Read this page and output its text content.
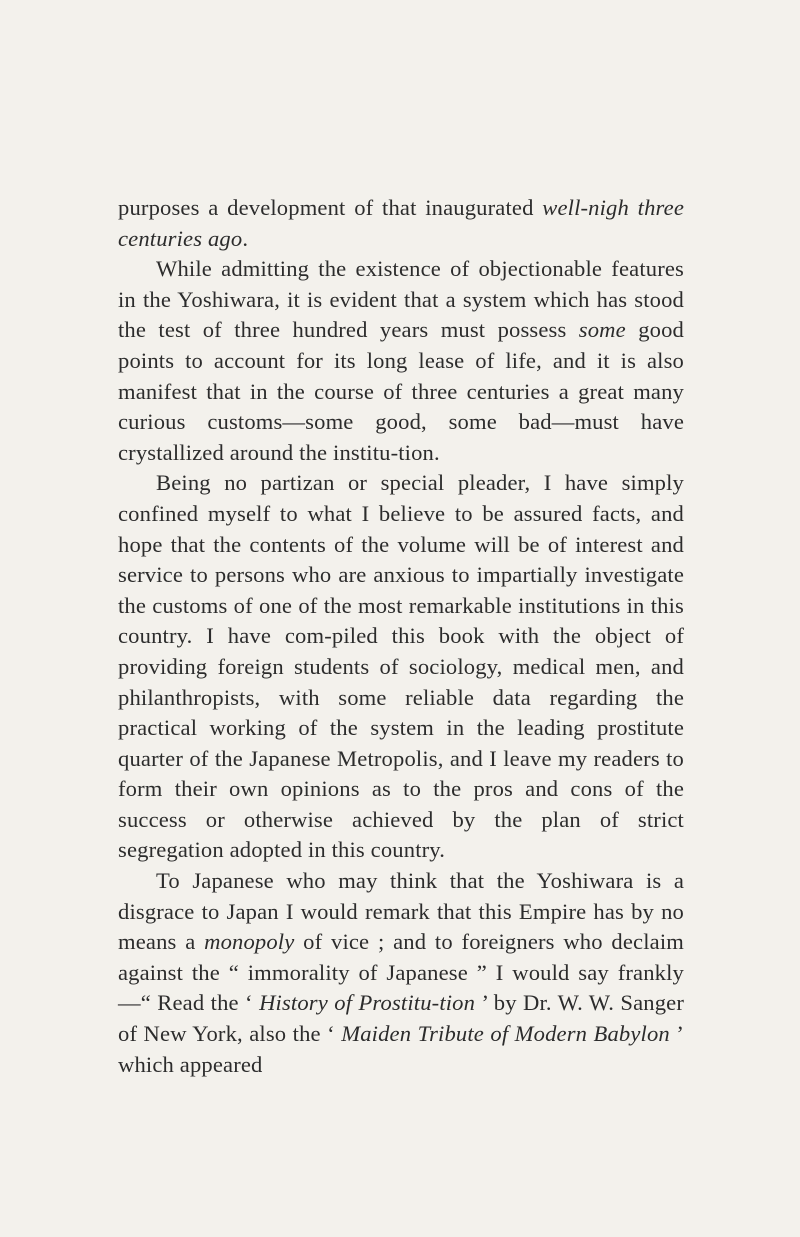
purposes a development of that inaugurated well-nigh three centuries ago.

While admitting the existence of objectionable features in the Yoshiwara, it is evident that a system which has stood the test of three hundred years must possess some good points to account for its long lease of life, and it is also manifest that in the course of three centuries a great many curious customs—some good, some bad—must have crystallized around the institu-tion.

Being no partizan or special pleader, I have simply confined myself to what I believe to be assured facts, and hope that the contents of the volume will be of interest and service to persons who are anxious to impartially investigate the customs of one of the most remarkable institutions in this country. I have com-piled this book with the object of providing foreign students of sociology, medical men, and philanthropists, with some reliable data regarding the practical working of the system in the leading prostitute quarter of the Japanese Metropolis, and I leave my readers to form their own opinions as to the pros and cons of the success or otherwise achieved by the plan of strict segregation adopted in this country.

To Japanese who may think that the Yoshiwara is a disgrace to Japan I would remark that this Empire has by no means a monopoly of vice ; and to foreigners who declaim against the “ immorality of Japanese ” I would say frankly—“ Read the ‘ History of Prostitu-tion ’ by Dr. W. W. Sanger of New York, also the ‘ Maiden Tribute of Modern Babylon ’ which appeared
